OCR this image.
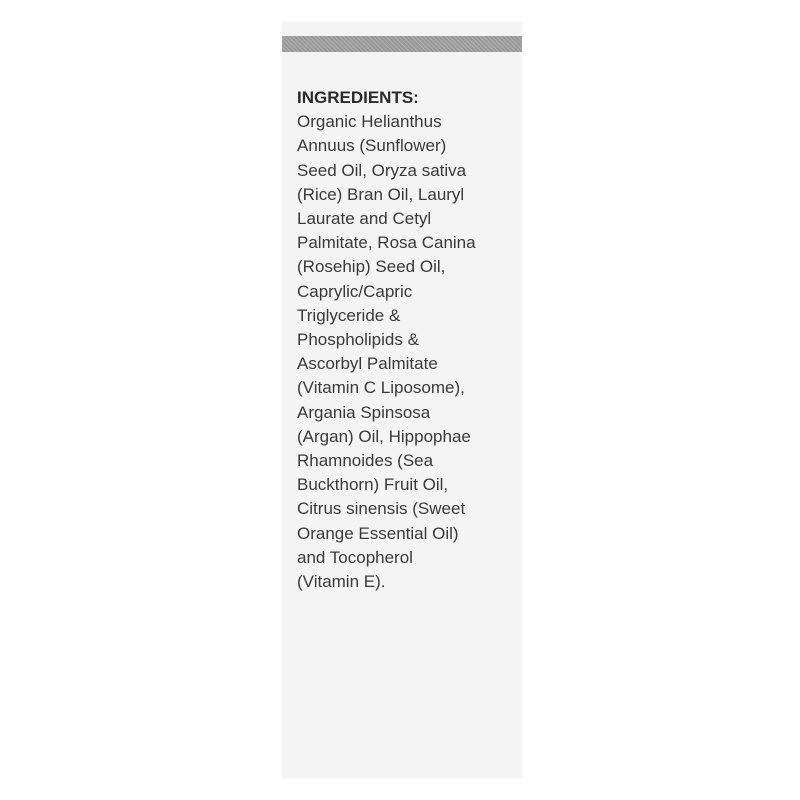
INGREDIENTS:
Organic Helianthus
Annuus (Sunflower)
Seed Oil, Oryza sativa
(Rice) Bran Oil, Lauryl
Laurate and Cetyl
Palmitate, Rosa Canina
(Rosehip) Seed Oil,
Caprylic/Capric
Triglyceride &
Phospholipids &
Ascorbyl Palmitate
(Vitamin C Liposome),
Argania Spinsosa
(Argan) Oil, Hippophae
Rhamnoides (Sea
Buckthorn) Fruit Oil,
Citrus sinensis (Sweet
Orange Essential Oil)
and Tocopherol
(Vitamin E).
